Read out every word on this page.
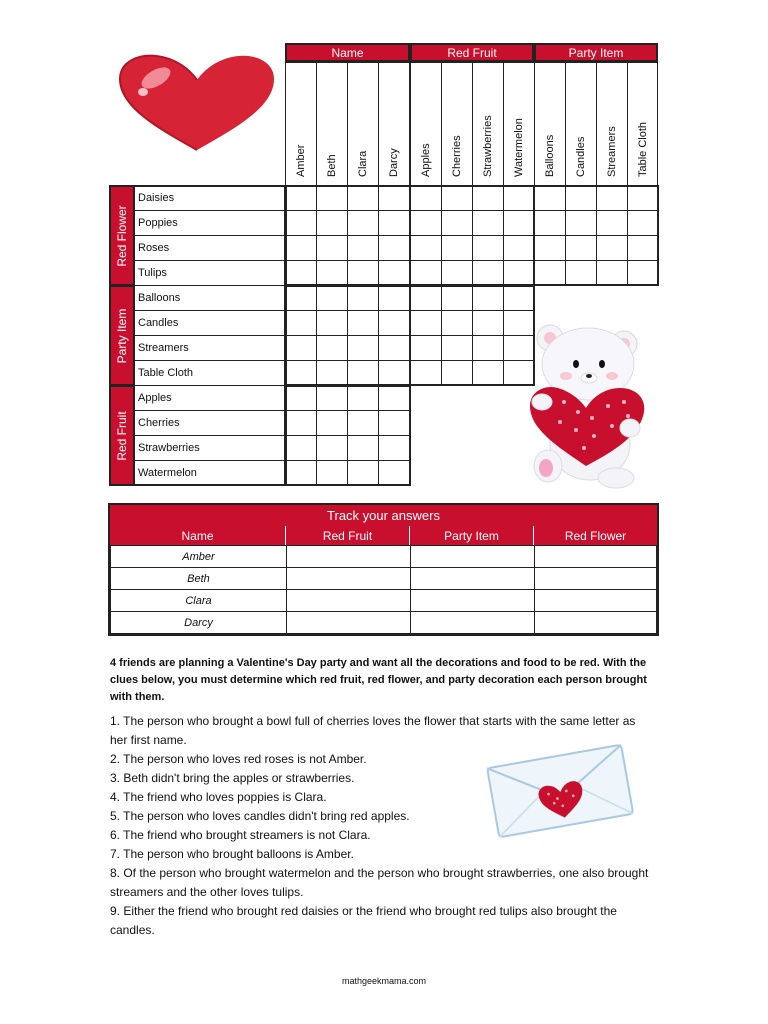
Name	Red Fruit	Party Item
Amber Beth Clara Darcy Apples Cherries Strawberries Watermelon Balloons Candles Streamers Table Cloth
Red Flower
Party Item
Red Fruit
Daisies
Poppies
Roses
Tulips
Balloons
Candles
Streamers
Table Cloth
Apples
Cherries
Strawberries
Watermelon
Track your answers
Name	Red Fruit	Party Item	Red Flower
Amber
Beth
Clara
Darcy
4 friends are planning a Valentine's Day party and want all the decorations and food to be red. With the clues below, you must determine which red fruit, red flower, and party decoration each person brought with them.
1. The person who brought a bowl full of cherries loves the flower that starts with the same letter as her first name.
2. The person who loves red roses is not Amber.
3. Beth didn't bring the apples or strawberries.
4. The friend who loves poppies is Clara.
5. The person who loves candles didn't bring red apples.
6. The friend who brought streamers is not Clara.
7. The person who brought balloons is Amber.
8. Of the person who brought watermelon and the person who brought strawberries, one also brought streamers and the other loves tulips.
9. Either the friend who brought red daisies or the friend who brought red tulips also brought the candles.
mathgeekmama.com
